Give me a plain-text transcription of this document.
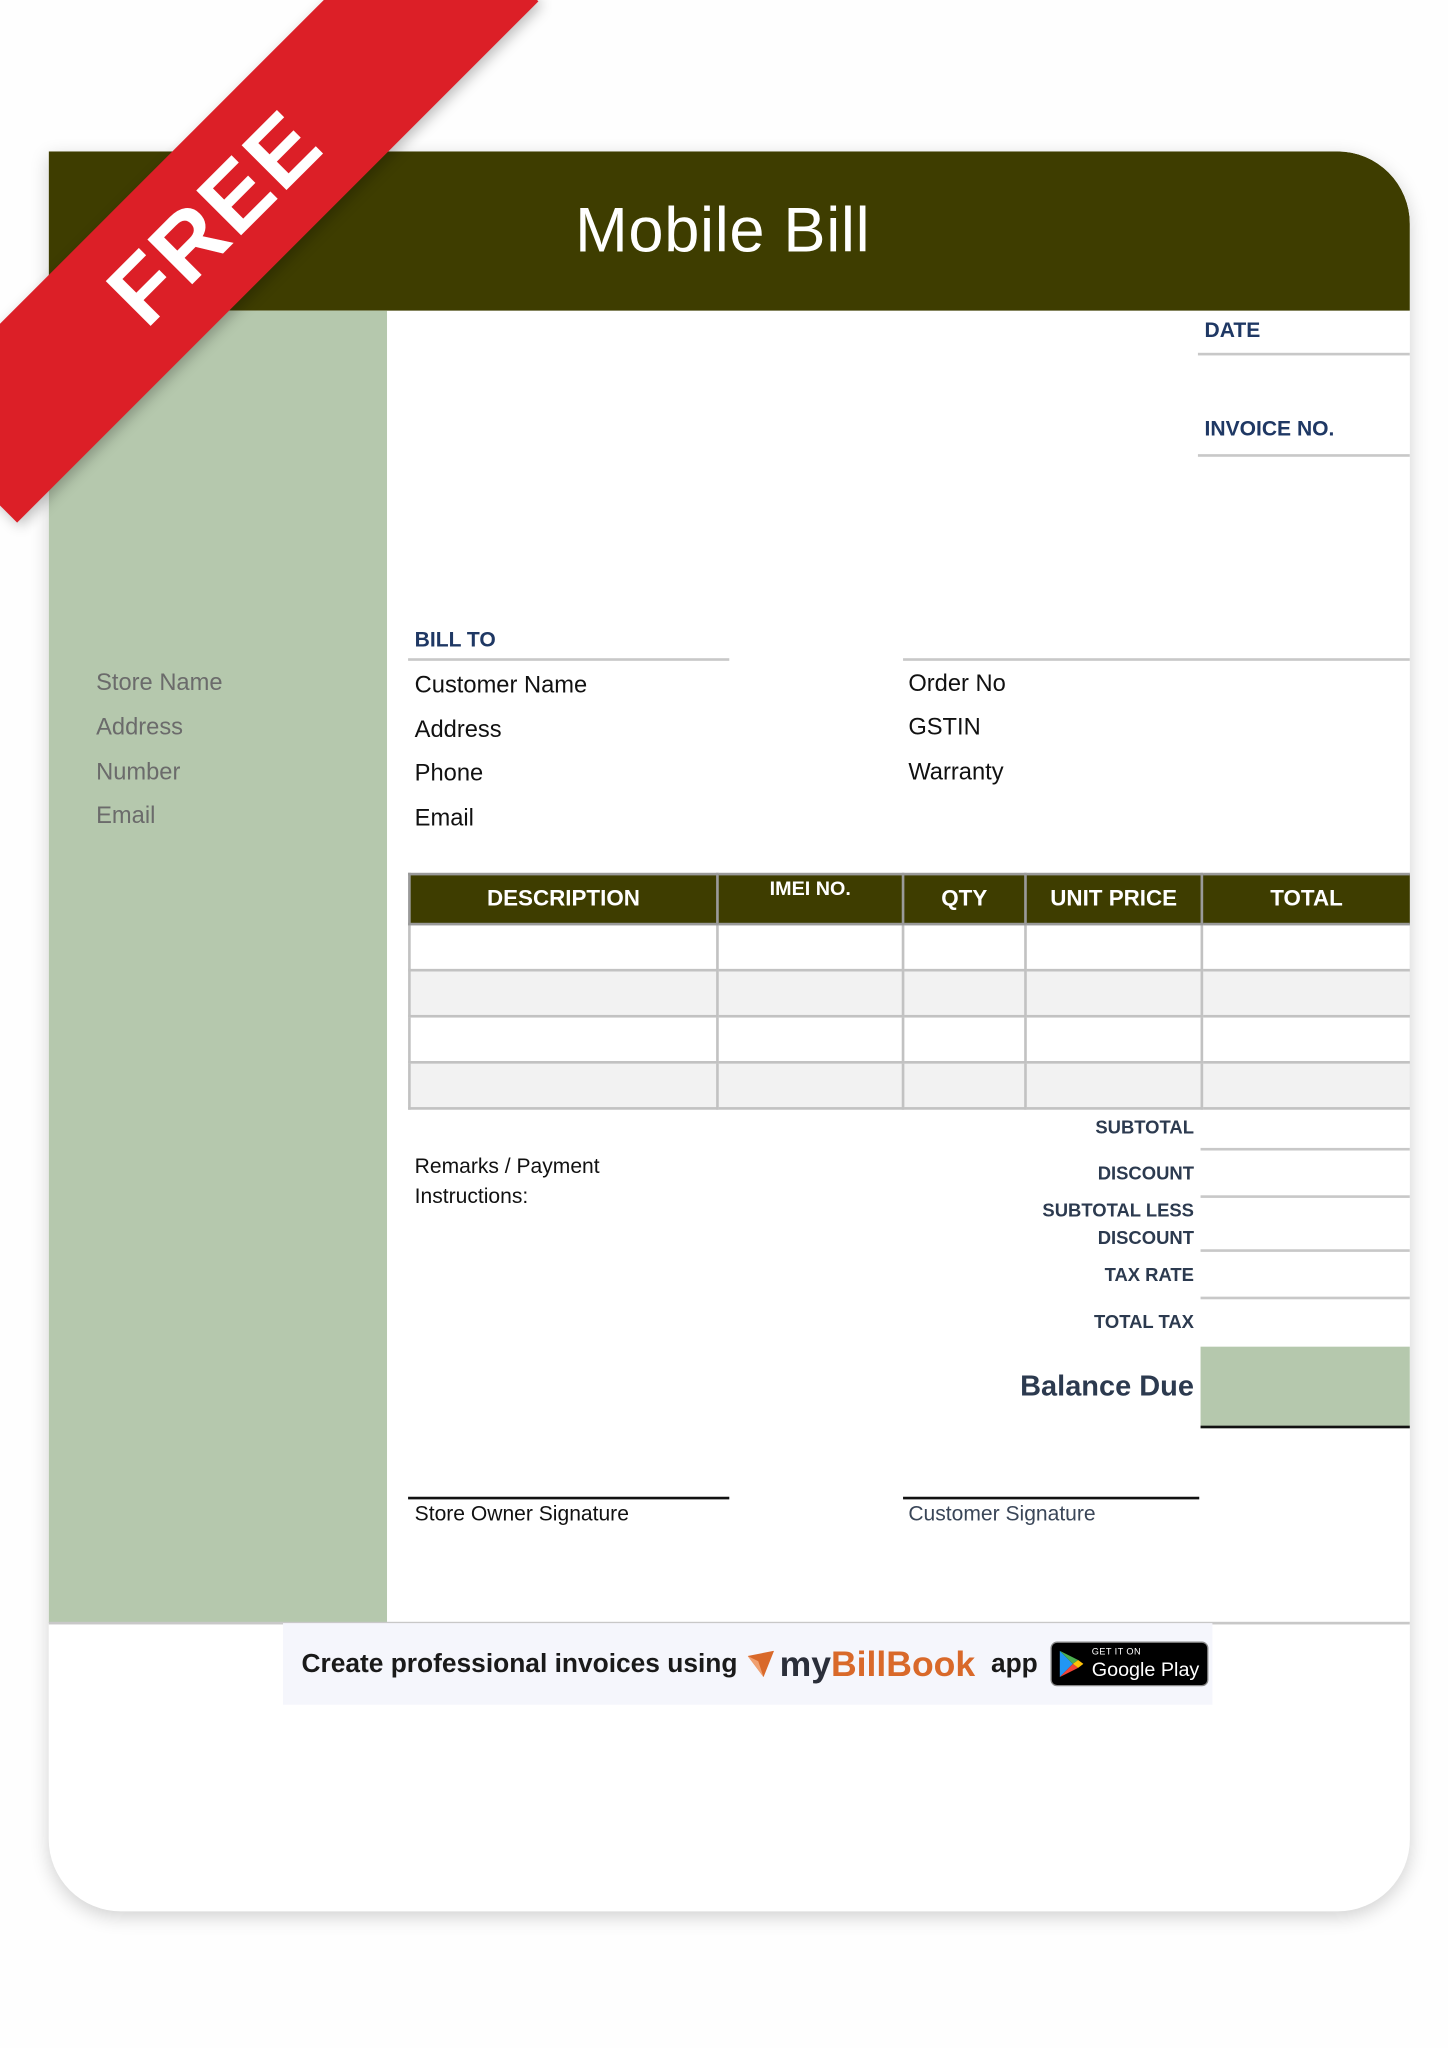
Mobile Bill
Store Name
Address
Number
Email
DATE
INVOICE NO.
BILL TO
Customer Name
Address
Phone
Email
Order No
GSTIN
Warranty
DESCRIPTION	IMEI NO.	QTY	UNIT PRICE	TOTAL

Remarks / Payment Instructions:
SUBTOTAL
DISCOUNT
SUBTOTAL LESS
DISCOUNT
TAX RATE
TOTAL TAX
Balance Due
Store Owner Signature	Customer Signature
Create professional invoices using my BillBook app	GET IT ON
Google Play
FREE
